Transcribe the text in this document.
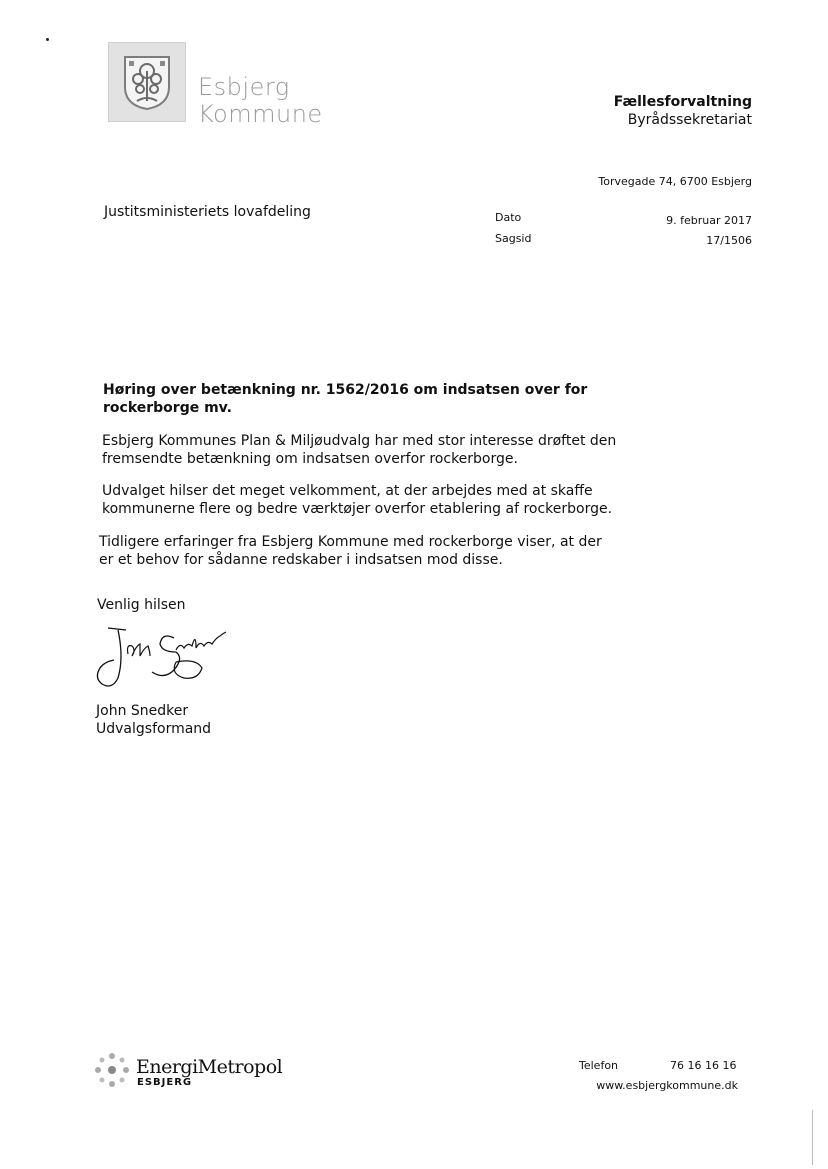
Esbjerg
Kommune	Fællesforvaltning
Byrådssekretariat
Torvegade 74, 6700 Esbjerg
Justitsministeriets lovafdeling	Dato	9. februar 2017
Sagsid	17/1506
Høring over betænkning nr. 1562/2016 om indsatsen over for
rockerborge mv.
Esbjerg Kommunes Plan & Miljøudvalg har med stor interesse drøftet den
fremsendte betænkning om indsatsen overfor rockerborge.
Udvalget hilser det meget velkomment, at der arbejdes med at skaffe
kommunerne flere og bedre værktøjer overfor etablering af rockerborge.
Tidligere erfaringer fra Esbjerg Kommune med rockerborge viser, at der
er et behov for sådanne redskaber i indsatsen mod disse.
Venlig hilsen
John Snedker
Udvalgsformand
EnergiMetropol
ESBJERG
Telefon	76 16 16 16
www.esbjergkommune.dk
